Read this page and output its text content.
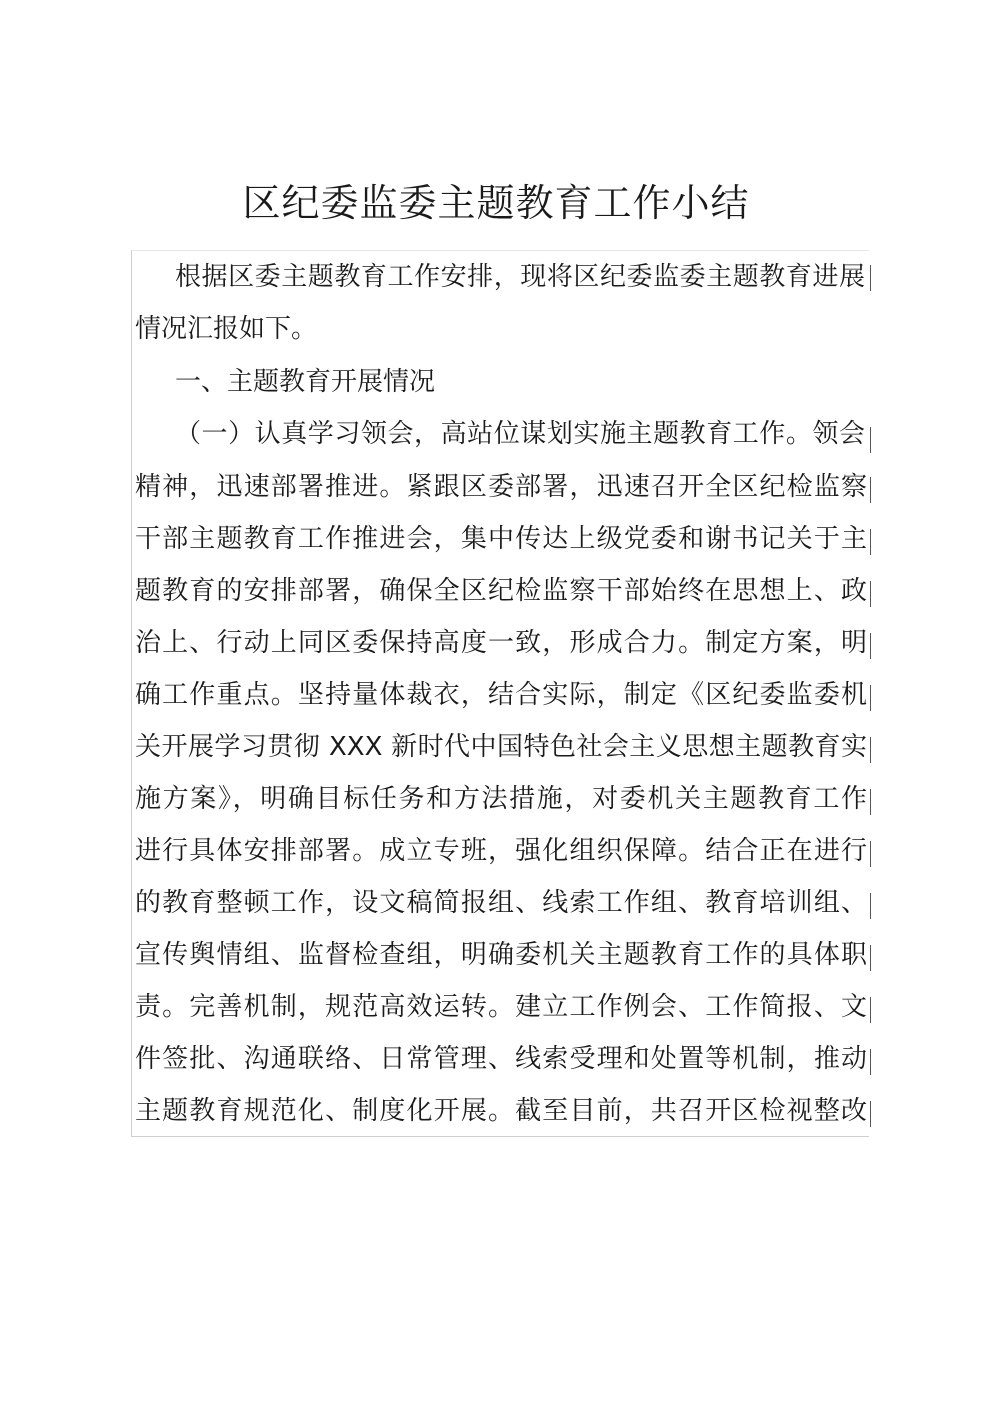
区纪委监委主题教育工作小结

根据区委主题教育工作安排，现将区纪委监委主题教育进展

情况汇报如下。

一、主题教育开展情况

（一）认真学习领会，高站位谋划实施主题教育工作。领会

精神，迅速部署推进。紧跟区委部署，迅速召开全区纪检监察

干部主题教育工作推进会，集中传达上级党委和谢书记关于主

题教育的安排部署，确保全区纪检监察干部始终在思想上、政

治上、行动上同区委保持高度一致，形成合力。制定方案，明

确工作重点。坚持量体裁衣，结合实际，制定《区纪委监委机

关开展学习贯彻 XXX 新时代中国特色社会主义思想主题教育实

施方案》，明确目标任务和方法措施，对委机关主题教育工作

进行具体安排部署。成立专班，强化组织保障。结合正在进行

的教育整顿工作，设文稿简报组、线索工作组、教育培训组、

宣传舆情组、监督检查组，明确委机关主题教育工作的具体职

责。完善机制，规范高效运转。建立工作例会、工作简报、文

件签批、沟通联络、日常管理、线索受理和处置等机制，推动

主题教育规范化、制度化开展。截至目前，共召开区检视整改
